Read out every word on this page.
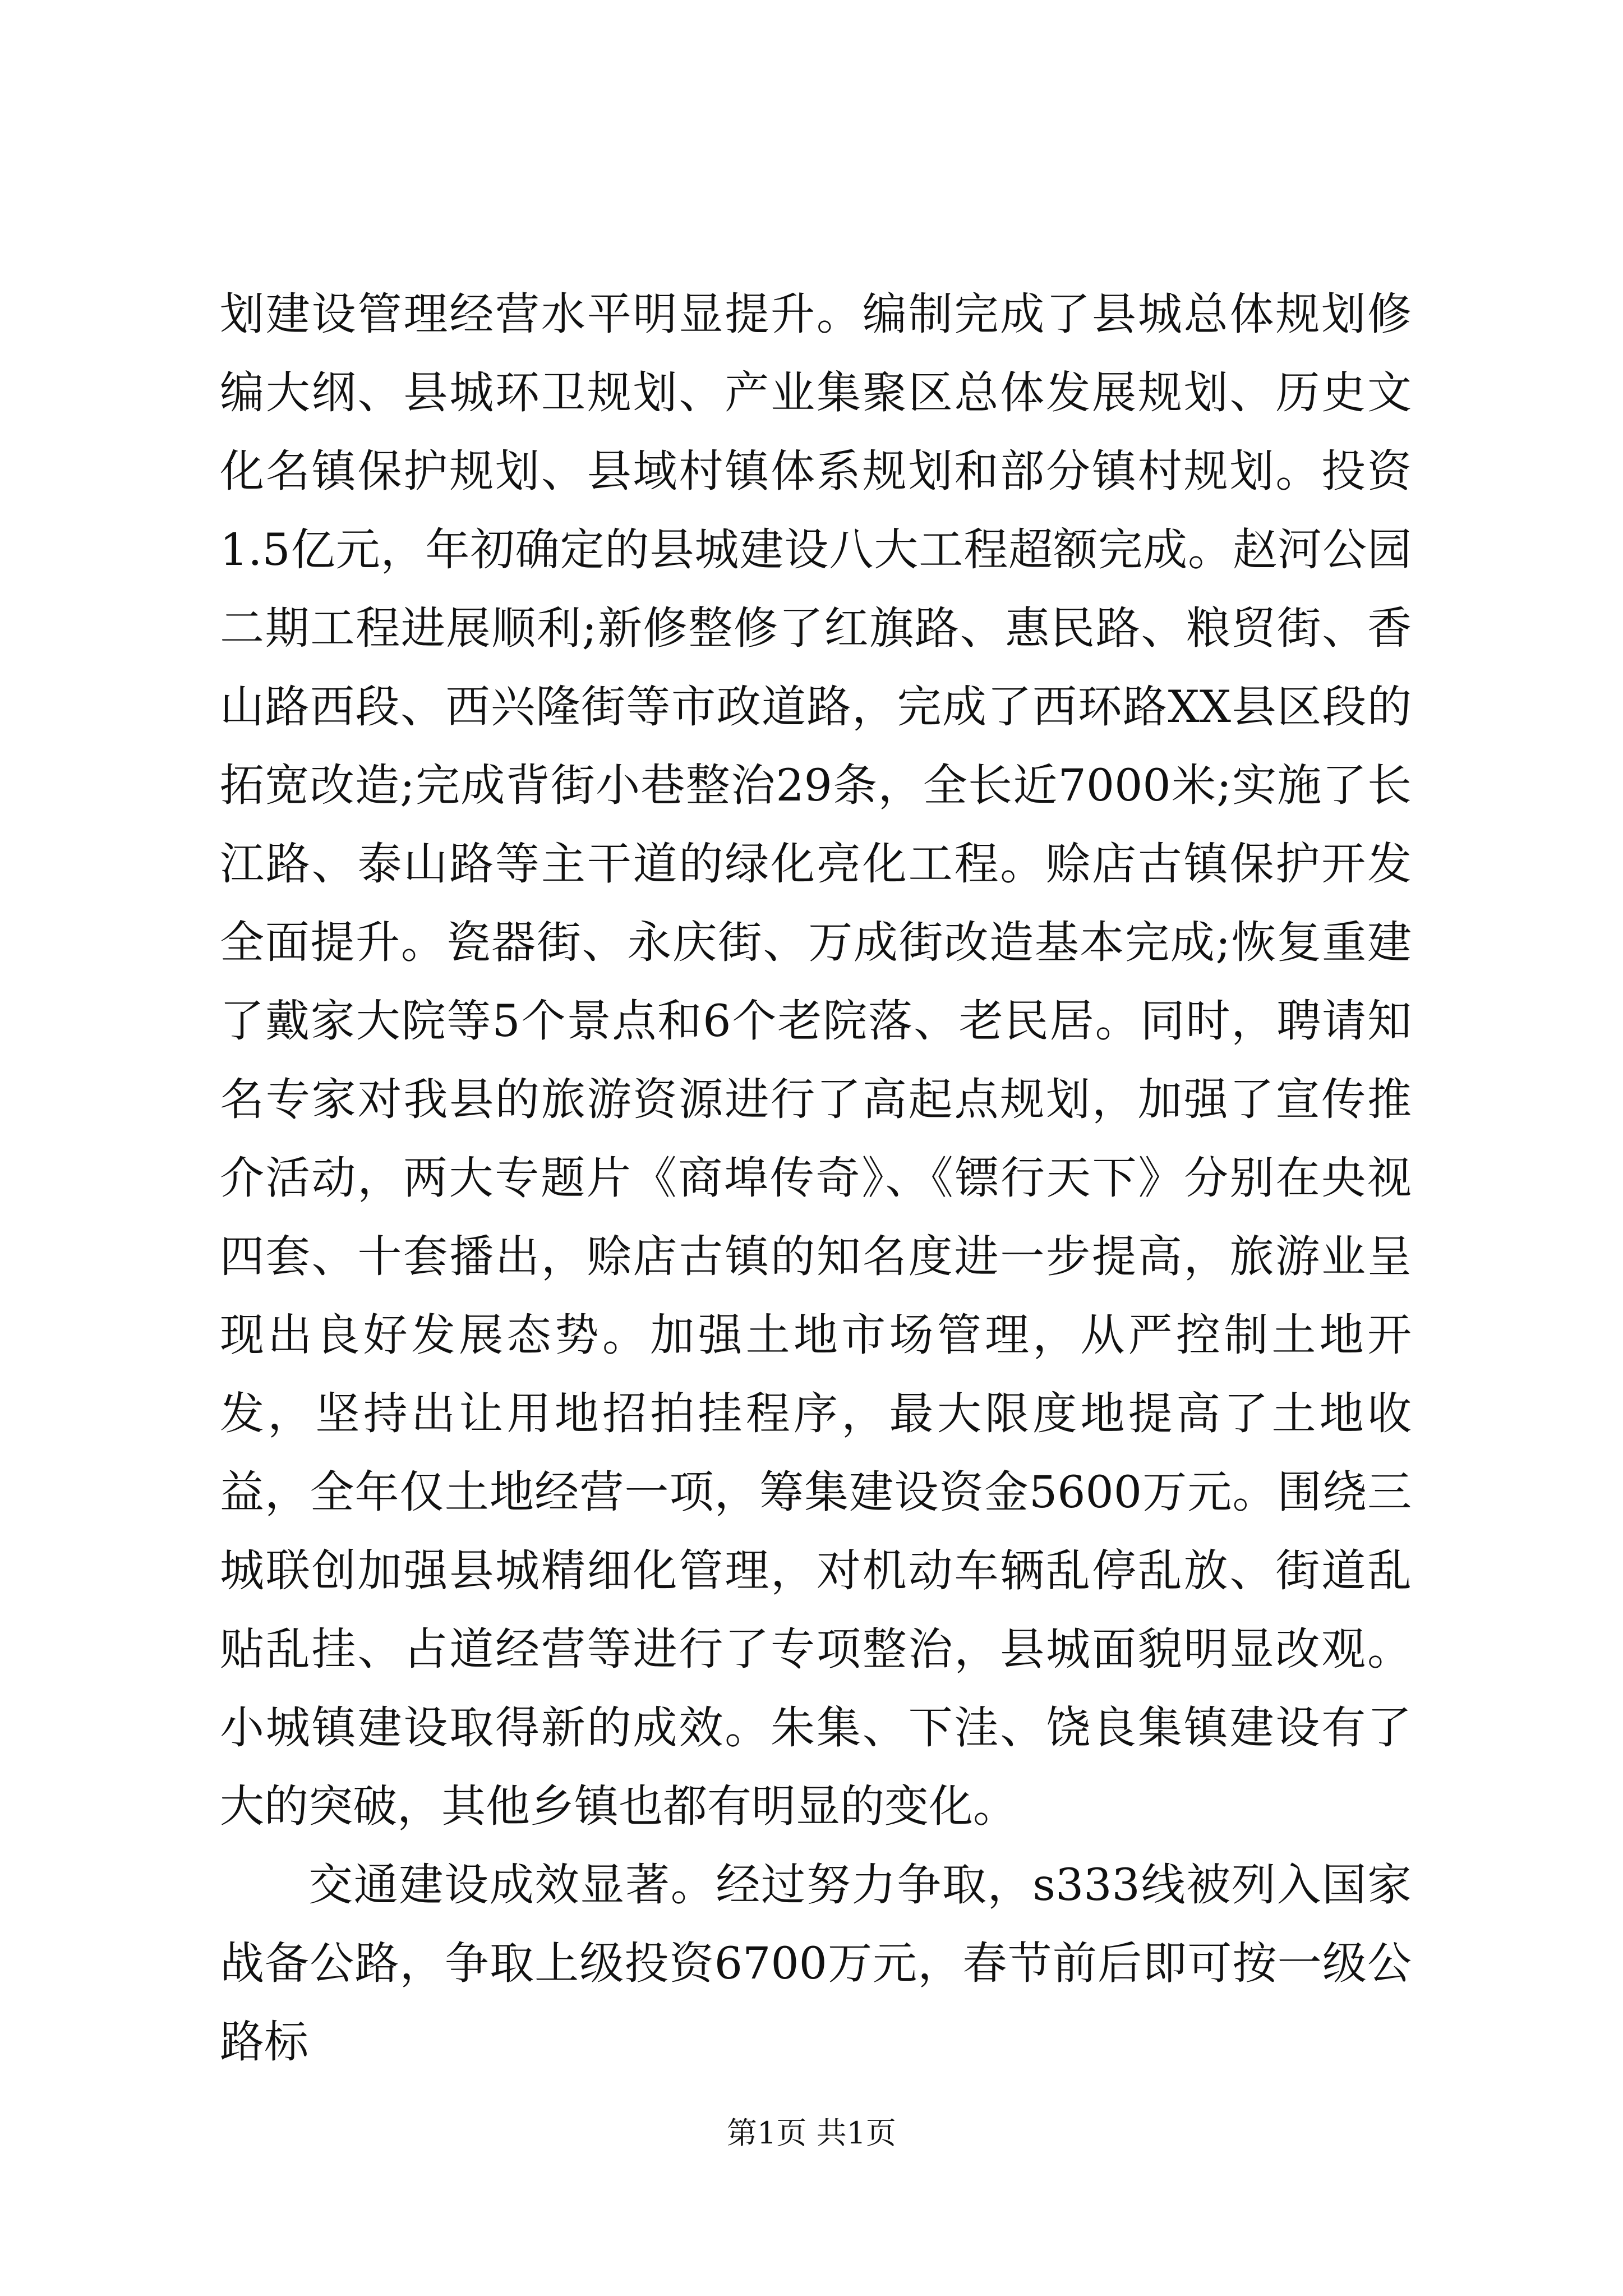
划建设管理经营水平明显提升。编制完成了县城总体规划修编大纲、县城环卫规划、产业集聚区总体发展规划、历史文化名镇保护规划、县域村镇体系规划和部分镇村规划。投资1.5亿元，年初确定的县城建设八大工程超额完成。赵河公园二期工程进展顺利;新修整修了红旗路、惠民路、粮贸街、香山路西段、西兴隆街等市政道路，完成了西环路XX县区段的拓宽改造;完成背街小巷整治29条，全长近7000米;实施了长江路、泰山路等主干道的绿化亮化工程。赊店古镇保护开发全面提升。瓷器街、永庆街、万成街改造基本完成;恢复重建了戴家大院等5个景点和6个老院落、老民居。同时，聘请知名专家对我县的旅游资源进行了高起点规划，加强了宣传推介活动，两大专题片《商埠传奇》、《镖行天下》分别在央视四套、十套播出，赊店古镇的知名度进一步提高，旅游业呈现出良好发展态势。加强土地市场管理，从严控制土地开发，坚持出让用地招拍挂程序，最大限度地提高了土地收益，全年仅土地经营一项，筹集建设资金5600万元。围绕三城联创加强县城精细化管理，对机动车辆乱停乱放、街道乱贴乱挂、占道经营等进行了专项整治，县城面貌明显改观。小城镇建设取得新的成效。朱集、下洼、饶良集镇建设有了大的突破，其他乡镇也都有明显的变化。

交通建设成效显著。经过努力争取，s333线被列入国家战备公路，争取上级投资6700万元，春节前后即可按一级公路标

第1页 共1页
